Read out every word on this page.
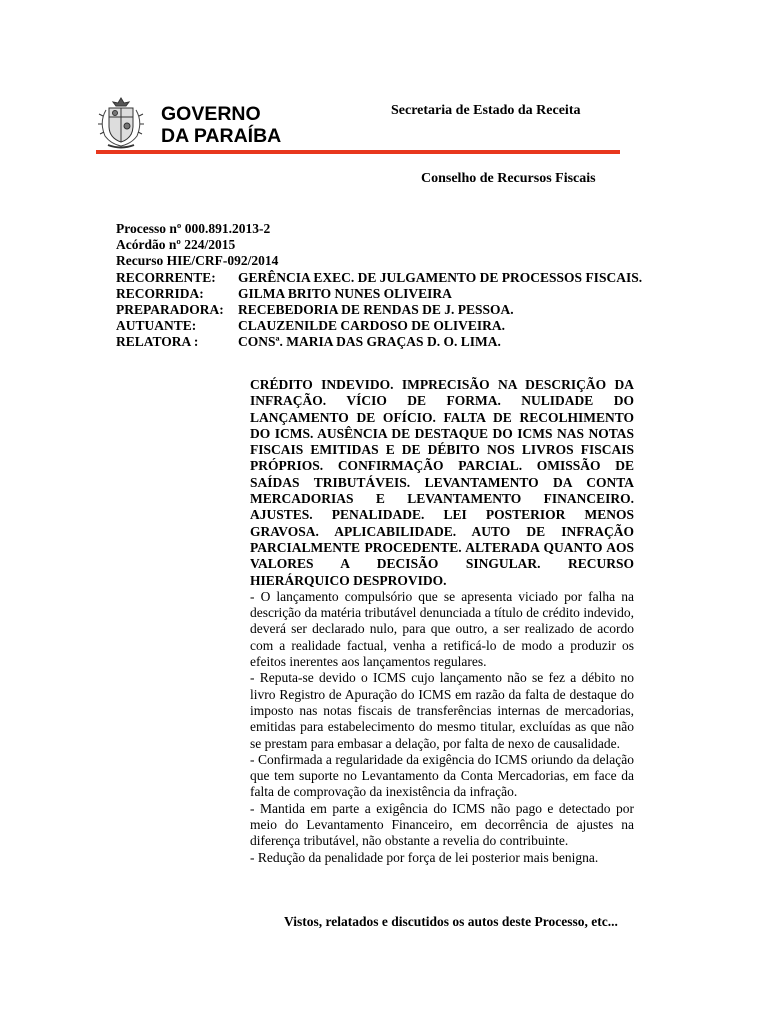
GOVERNO
DA PARAÍBA
Secretaria de Estado da Receita
Conselho de Recursos Fiscais
Processo nº 000.891.2013-2
Acórdão nº 224/2015
Recurso HIE/CRF-092/2014
RECORRENTE:	GERÊNCIA EXEC. DE JULGAMENTO DE PROCESSOS FISCAIS.
RECORRIDA:	GILMA BRITO NUNES OLIVEIRA
PREPARADORA:	RECEBEDORIA DE RENDAS DE J. PESSOA.
AUTUANTE:	CLAUZENILDE CARDOSO DE OLIVEIRA.
RELATORA :	CONSª. MARIA DAS GRAÇAS D. O. LIMA.

CRÉDITO INDEVIDO. IMPRECISÃO NA DESCRIÇÃO DA INFRAÇÃO. VÍCIO DE FORMA. NULIDADE DO LANÇAMENTO DE OFÍCIO. FALTA DE RECOLHIMENTO DO ICMS. AUSÊNCIA DE DESTAQUE DO ICMS NAS NOTAS FISCAIS EMITIDAS E DE DÉBITO NOS LIVROS FISCAIS PRÓPRIOS. CONFIRMAÇÃO PARCIAL. OMISSÃO DE SAÍDAS TRIBUTÁVEIS. LEVANTAMENTO DA CONTA MERCADORIAS E LEVANTAMENTO FINANCEIRO. AJUSTES. PENALIDADE. LEI POSTERIOR MENOS GRAVOSA. APLICABILIDADE. AUTO DE INFRAÇÃO PARCIALMENTE PROCEDENTE. ALTERADA QUANTO AOS VALORES A DECISÃO SINGULAR. RECURSO HIERÁRQUICO DESPROVIDO.

- O lançamento compulsório que se apresenta viciado por falha na descrição da matéria tributável denunciada a título de crédito indevido, deverá ser declarado nulo, para que outro, a ser realizado de acordo com a realidade factual, venha a retificá-lo de modo a produzir os efeitos inerentes aos lançamentos regulares.

- Reputa-se devido o ICMS cujo lançamento não se fez a débito no livro Registro de Apuração do ICMS em razão da falta de destaque do imposto nas notas fiscais de transferências internas de mercadorias, emitidas para estabelecimento do mesmo titular, excluídas as que não se prestam para embasar a delação, por falta de nexo de causalidade.

- Confirmada a regularidade da exigência do ICMS oriundo da delação que tem suporte no Levantamento da Conta Mercadorias, em face da falta de comprovação da inexistência da infração.

- Mantida em parte a exigência do ICMS não pago e detectado por meio do Levantamento Financeiro, em decorrência de ajustes na diferença tributável, não obstante a revelia do contribuinte.

- Redução da penalidade por força de lei posterior mais benigna.

Vistos, relatados e discutidos os autos deste Processo, etc...
